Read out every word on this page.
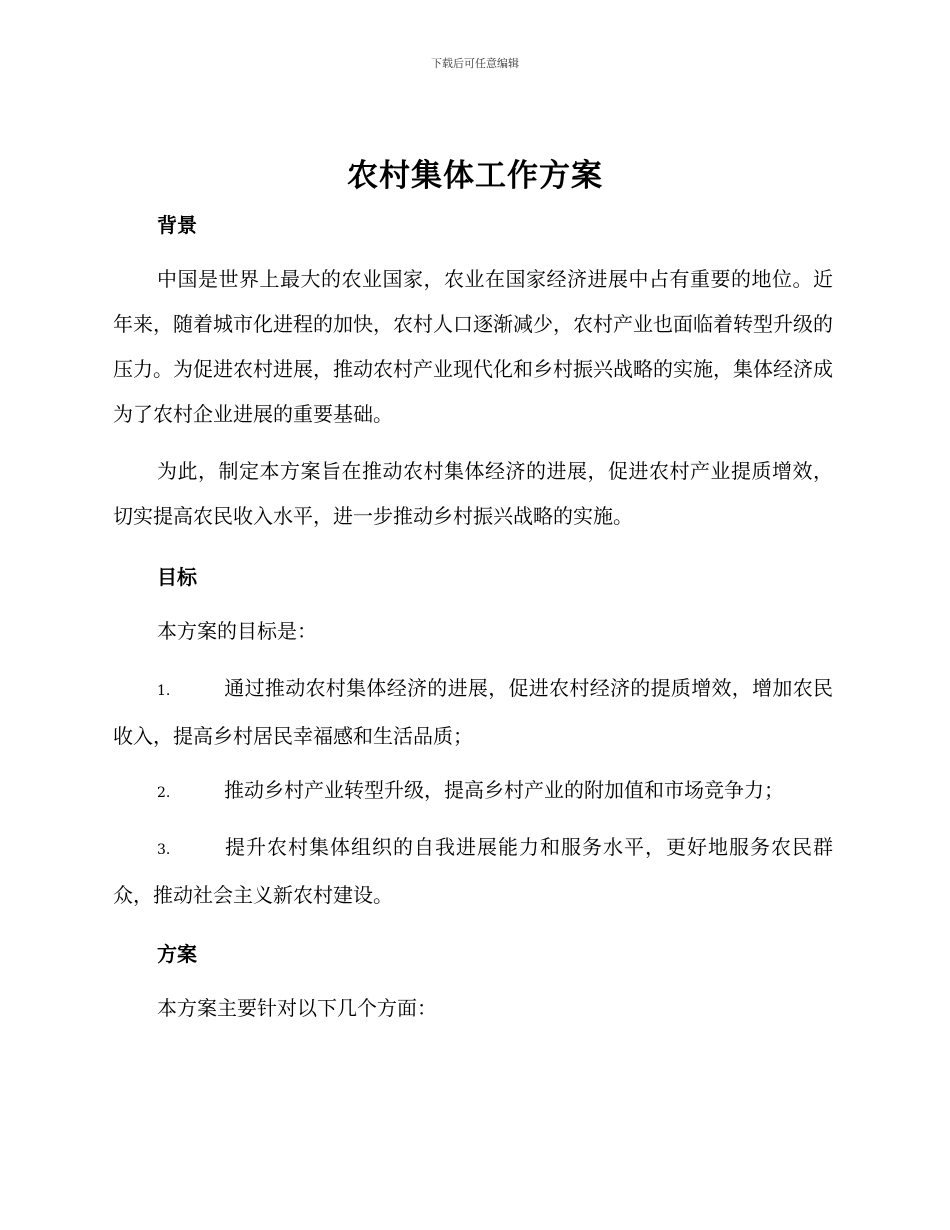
下载后可任意编辑
农村集体工作方案
背景
中国是世界上最大的农业国家，农业在国家经济进展中占有重要的地位。近年来，随着城市化进程的加快，农村人口逐渐减少，农村产业也面临着转型升级的压力。为促进农村进展，推动农村产业现代化和乡村振兴战略的实施，集体经济成为了农村企业进展的重要基础。
为此，制定本方案旨在推动农村集体经济的进展，促进农村产业提质增效，切实提高农民收入水平，进一步推动乡村振兴战略的实施。
目标
本方案的目标是：
1.	通过推动农村集体经济的进展，促进农村经济的提质增效，增加农民收入，提高乡村居民幸福感和生活品质；
2.	推动乡村产业转型升级，提高乡村产业的附加值和市场竞争力；
3.	提升农村集体组织的自我进展能力和服务水平，更好地服务农民群众，推动社会主义新农村建设。
方案
本方案主要针对以下几个方面：
